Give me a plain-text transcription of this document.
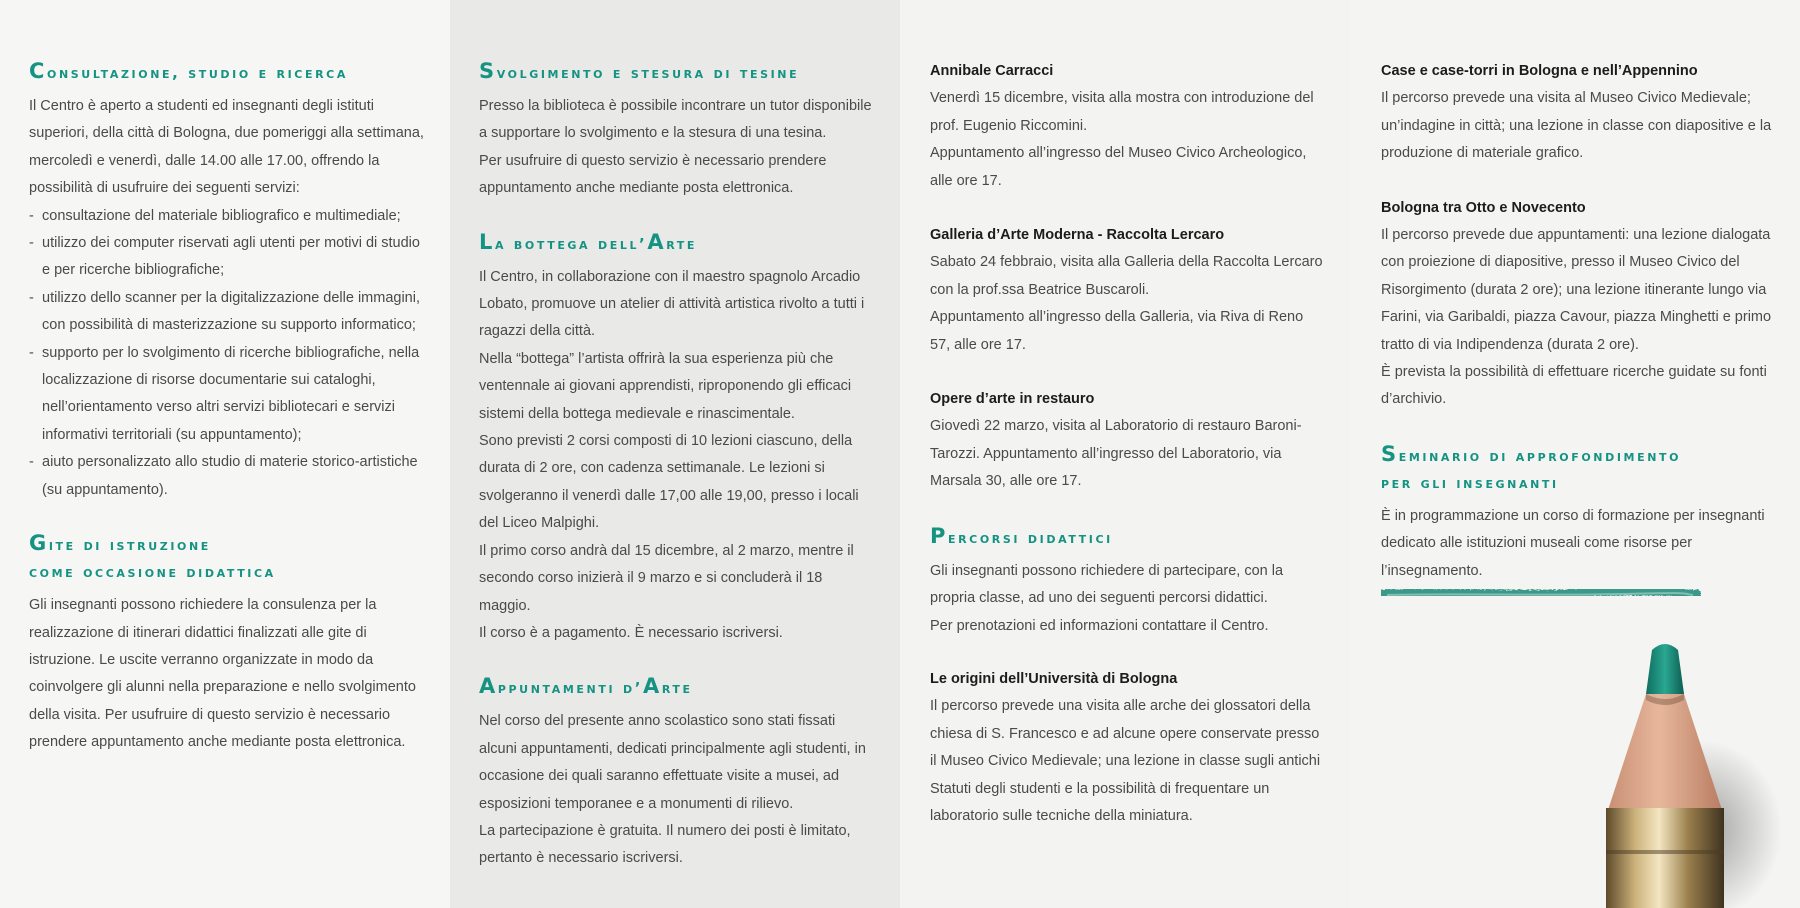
Consultazione, studio e ricerca

Il Centro è aperto a studenti ed insegnanti degli istituti superiori, della città di Bologna, due pomeriggi alla settimana, mercoledì e venerdì, dalle 14.00 alle 17.00, offrendo la possibilità di usufruire dei seguenti servizi:

- consultazione del materiale bibliografico e multimediale;
- utilizzo dei computer riservati agli utenti per motivi di studio e per ricerche bibliografiche;
- utilizzo dello scanner per la digitalizzazione delle immagini, con possibilità di masterizzazione su supporto informatico;
- supporto per lo svolgimento di ricerche bibliografiche, nella localizzazione di risorse documentarie sui cataloghi, nell’orientamento verso altri servizi bibliotecari e servizi informativi territoriali (su appuntamento);
- aiuto personalizzato allo studio di materie storico-artistiche (su appuntamento).
Gite di istruzione
come occasione didattica

Gli insegnanti possono richiedere la consulenza per la realizzazione di itinerari didattici finalizzati alle gite di istruzione. Le uscite verranno organizzate in modo da coinvolgere gli alunni nella preparazione e nello svolgimento della visita. Per usufruire di questo servizio è necessario prendere appuntamento anche mediante posta elettronica.

Svolgimento e stesura di tesine

Presso la biblioteca è possibile incontrare un tutor disponibile a supportare lo svolgimento e la stesura di una tesina.

Per usufruire di questo servizio è necessario prendere appuntamento anche mediante posta elettronica.

La bottega dell’Arte

Il Centro, in collaborazione con il maestro spagnolo Arcadio Lobato, promuove un atelier di attività artistica rivolto a tutti i ragazzi della città.

Nella “bottega” l’artista offrirà la sua esperienza più che ventennale ai giovani apprendisti, riproponendo gli efficaci sistemi della bottega medievale e rinascimentale.

Sono previsti 2 corsi composti di 10 lezioni ciascuno, della durata di 2 ore, con cadenza settimanale. Le lezioni si svolgeranno il venerdì dalle 17,00 alle 19,00, presso i locali del Liceo Malpighi.

Il primo corso andrà dal 15 dicembre, al 2 marzo, mentre il secondo corso inizierà il 9 marzo e si concluderà il 18 maggio.

Il corso è a pagamento. È necessario iscriversi.

Appuntamenti d’Arte

Nel corso del presente anno scolastico sono stati fissati alcuni appuntamenti, dedicati principalmente agli studenti, in occasione dei quali saranno effettuate visite a musei, ad esposizioni temporanee e a monumenti di rilievo.

La partecipazione è gratuita. Il numero dei posti è limitato, pertanto è necessario iscriversi.

Annibale Carracci

Venerdì 15 dicembre, visita alla mostra con introduzione del prof. Eugenio Riccomini.

Appuntamento all’ingresso del Museo Civico Archeologico, alle ore 17.

Galleria d’Arte Moderna - Raccolta Lercaro

Sabato 24 febbraio, visita alla Galleria della Raccolta Lercaro con la prof.ssa Beatrice Buscaroli.

Appuntamento all’ingresso della Galleria, via Riva di Reno 57, alle ore 17.

Opere d’arte in restauro

Giovedì 22 marzo, visita al Laboratorio di restauro Baroni-Tarozzi. Appuntamento all’ingresso del Laboratorio, via Marsala 30, alle ore 17.

Percorsi didattici

Gli insegnanti possono richiedere di partecipare, con la propria classe, ad uno dei seguenti percorsi didattici.

Per prenotazioni ed informazioni contattare il Centro.

Le origini dell’Università di Bologna

Il percorso prevede una visita alle arche dei glossatori della chiesa di S. Francesco e ad alcune opere conservate presso il Museo Civico Medievale; una lezione in classe sugli antichi Statuti degli studenti e la possibilità di frequentare un laboratorio sulle tecniche della miniatura.

Case e case-torri in Bologna e nell’Appennino

Il percorso prevede una visita al Museo Civico Medievale; un’indagine in città; una lezione in classe con diapositive e la produzione di materiale grafico.

Bologna tra Otto e Novecento

Il percorso prevede due appuntamenti: una lezione dialogata con proiezione di diapositive, presso il Museo Civico del Risorgimento (durata 2 ore); una lezione itinerante lungo via Farini, via Garibaldi, piazza Cavour, piazza Minghetti e primo tratto di via Indipendenza (durata 2 ore).

È prevista la possibilità di effettuare ricerche guidate su fonti d’archivio.

Seminario di approfondimento
per gli insegnanti

È in programmazione un corso di formazione per insegnanti dedicato alle istituzioni museali come risorse per l’insegnamento.
